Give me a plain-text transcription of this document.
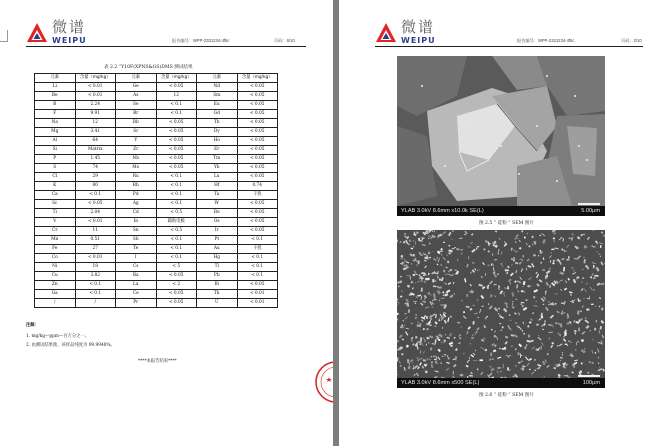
微谱
WEIPU	报告编号：WPP-2331234-4f5c	页码：6/10
表 2.2 “Y10F(XPNS&GS)DMS 测试结果
元素	含量（mg/kg）	元素	含量（mg/kg）	元素	含量（mg/kg）
Li	< 0.01	Ge	< 0.05	Nd	< 0.05
Be	< 0.01	As	12	Sm	< 0.05
B	2.24	Se	< 0.1	Eu	< 0.05
F	9.91	Br	< 0.1	Gd	< 0.05
Na	12	Rb	< 0.05	Tb	< 0.05
Mg	3.41	Sr	< 0.05	Dy	< 0.05
Al	64	Y	< 0.05	Ho	< 0.05
Si	Matrix	Zr	< 0.05	Er	< 0.05
P	1.45	Nb	< 0.05	Tm	< 0.05
S	74	Mo	< 0.05	Yb	< 0.05
Cl	29	Ru	< 0.1	Lu	< 0.05
K	80	Rh	< 0.1	Hf	0.74
Ca	< 0.1	Pd	< 0.1	Ta	干扰
Sc	< 0.05	Ag	< 0.1	W	< 0.05
Ti	2.04	Cd	< 0.5	Re	< 0.05
V	< 0.01	In	辅助电极	Os	< 0.05
Cr	11	Sn	< 0.5	Ir	< 0.05
Mn	0.51	Sb	< 0.1	Pt	< 0.1
Fe	27	Te	< 0.1	Au	干扰
Co	< 0.01	I	< 0.1	Hg	< 0.1
Ni	18	Cs	< 5	Tl	< 0.1
Cu	3.82	Ba	< 0.05	Pb	< 0.1
Zn	< 0.1	La	< 2	Bi	< 0.05
Ga	< 0.1	Ce	< 0.05	Th	< 0.01
/	/	Pr	< 0.05	U	< 0.01
注解：
1. mg/kg—ppm—百万分之一。
2. 由测试结果推，该样品纯度为 99.9948%。
****本报告结束****
微谱
WEIPU	报告编号：WPP-2331234-4f5c	页码：2/10
YLAB 3.0kV 8.6mm x10.0k SE(L)	5.00μm
图 2.5 “ 硅粉 ” SEM 图片
YLAB 3.0kV 8.6mm x500 SE(L)	100μm
图 2.6 “ 硅粉 ” SEM 图片
